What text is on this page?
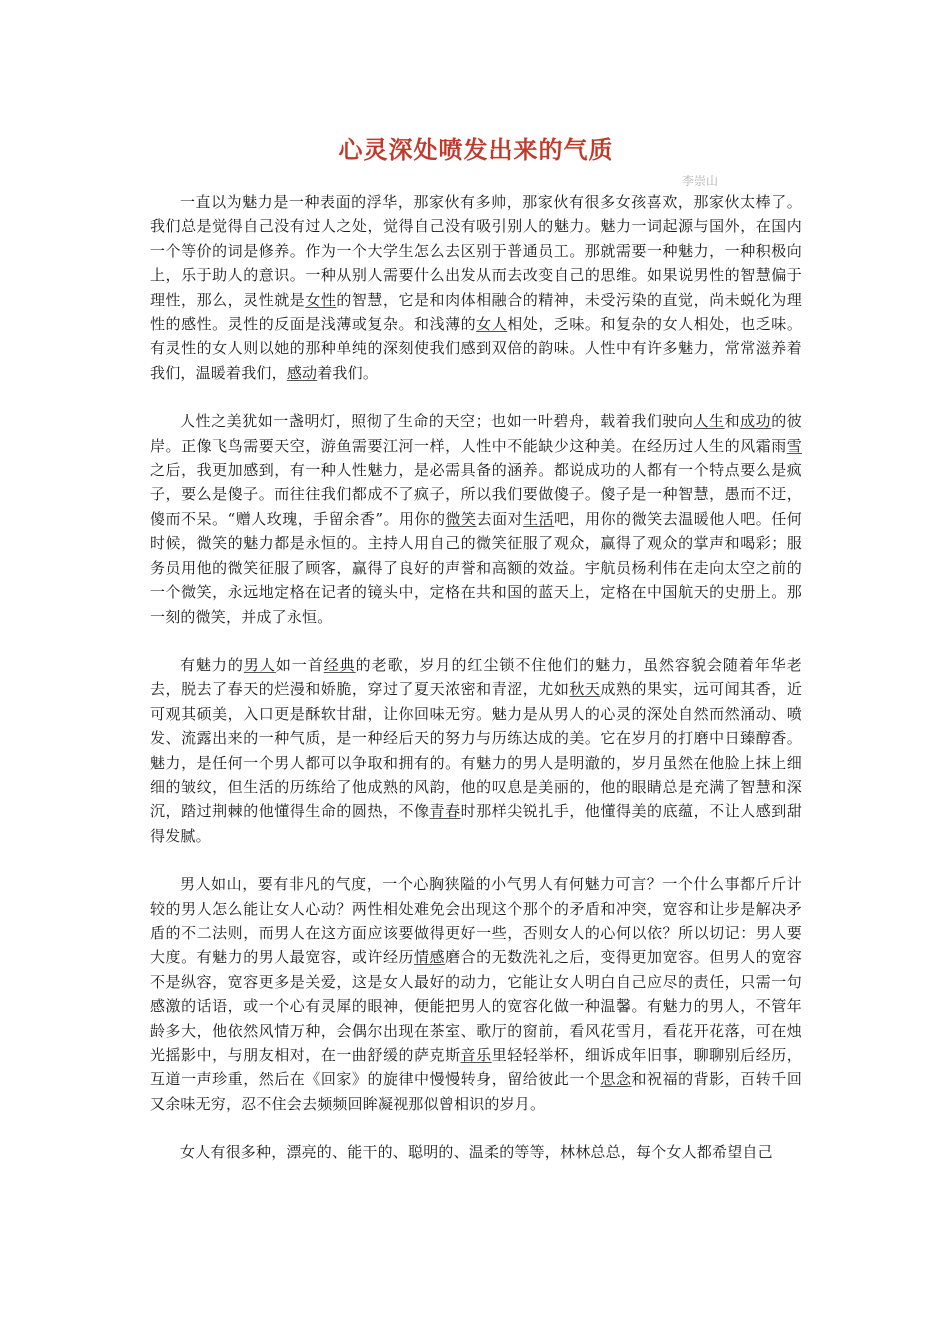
心灵深处喷发出来的气质

李崇山

一直以为魅力是一种表面的浮华，那家伙有多帅，那家伙有很多女孩喜欢，那家伙太棒了。我们总是觉得自己没有过人之处，觉得自己没有吸引别人的魅力。魅力一词起源与国外，在国内一个等价的词是修养。作为一个大学生怎么去区别于普通员工。那就需要一种魅力，一种积极向上，乐于助人的意识。一种从别人需要什么出发从而去改变自己的思维。如果说男性的智慧偏于理性，那么，灵性就是女性的智慧，它是和肉体相融合的精神，未受污染的直觉，尚未蜕化为理性的感性。灵性的反面是浅薄或复杂。和浅薄的女人相处，乏味。和复杂的女人相处，也乏味。有灵性的女人则以她的那种单纯的深刻使我们感到双倍的韵味。人性中有许多魅力，常常滋养着我们，温暖着我们，感动着我们。

人性之美犹如一盏明灯，照彻了生命的天空；也如一叶碧舟，载着我们驶向人生和成功的彼岸。正像飞鸟需要天空，游鱼需要江河一样，人性中不能缺少这种美。在经历过人生的风霜雨雪之后，我更加感到，有一种人性魅力，是必需具备的涵养。都说成功的人都有一个特点要么是疯子，要么是傻子。而往往我们都成不了疯子，所以我们要做傻子。傻子是一种智慧，愚而不迂，傻而不呆。“赠人玫瑰，手留余香”。用你的微笑去面对生活吧，用你的微笑去温暖他人吧。任何时候，微笑的魅力都是永恒的。主持人用自己的微笑征服了观众，赢得了观众的掌声和喝彩；服务员用他的微笑征服了顾客，赢得了良好的声誉和高额的效益。宇航员杨利伟在走向太空之前的一个微笑，永远地定格在记者的镜头中，定格在共和国的蓝天上，定格在中国航天的史册上。那一刻的微笑，并成了永恒。

有魅力的男人如一首经典的老歌，岁月的红尘锁不住他们的魅力，虽然容貌会随着年华老去，脱去了春天的烂漫和娇脆，穿过了夏天浓密和青涩，尤如秋天成熟的果实，远可闻其香，近可观其硕美，入口更是酥软甘甜，让你回味无穷。魅力是从男人的心灵的深处自然而然涌动、喷发、流露出来的一种气质，是一种经后天的努力与历练达成的美。它在岁月的打磨中日臻醇香。魅力，是任何一个男人都可以争取和拥有的。有魅力的男人是明澈的，岁月虽然在他脸上抹上细细的皱纹，但生活的历练给了他成熟的风韵，他的叹息是美丽的，他的眼睛总是充满了智慧和深沉，踏过荆棘的他懂得生命的圆热，不像青春时那样尖锐扎手，他懂得美的底蕴，不让人感到甜得发腻。

男人如山，要有非凡的气度，一个心胸狭隘的小气男人有何魅力可言？一个什么事都斤斤计较的男人怎么能让女人心动？两性相处难免会出现这个那个的矛盾和冲突，宽容和让步是解决矛盾的不二法则，而男人在这方面应该要做得更好一些，否则女人的心何以依？所以切记：男人要大度。有魅力的男人最宽容，或许经历情感磨合的无数洗礼之后，变得更加宽容。但男人的宽容不是纵容，宽容更多是关爱，这是女人最好的动力，它能让女人明白自己应尽的责任，只需一句感激的话语，或一个心有灵犀的眼神，便能把男人的宽容化做一种温馨。有魅力的男人，不管年龄多大，他依然风情万种，会偶尔出现在茶室、歌厅的窗前，看风花雪月，看花开花落，可在烛光摇影中，与朋友相对，在一曲舒缓的萨克斯音乐里轻轻举杯，细诉成年旧事，聊聊别后经历，互道一声珍重，然后在《回家》的旋律中慢慢转身，留给彼此一个思念和祝福的背影，百转千回又余味无穷，忍不住会去频频回眸凝视那似曾相识的岁月。

女人有很多种，漂亮的、能干的、聪明的、温柔的等等，林林总总，每个女人都希望自己
